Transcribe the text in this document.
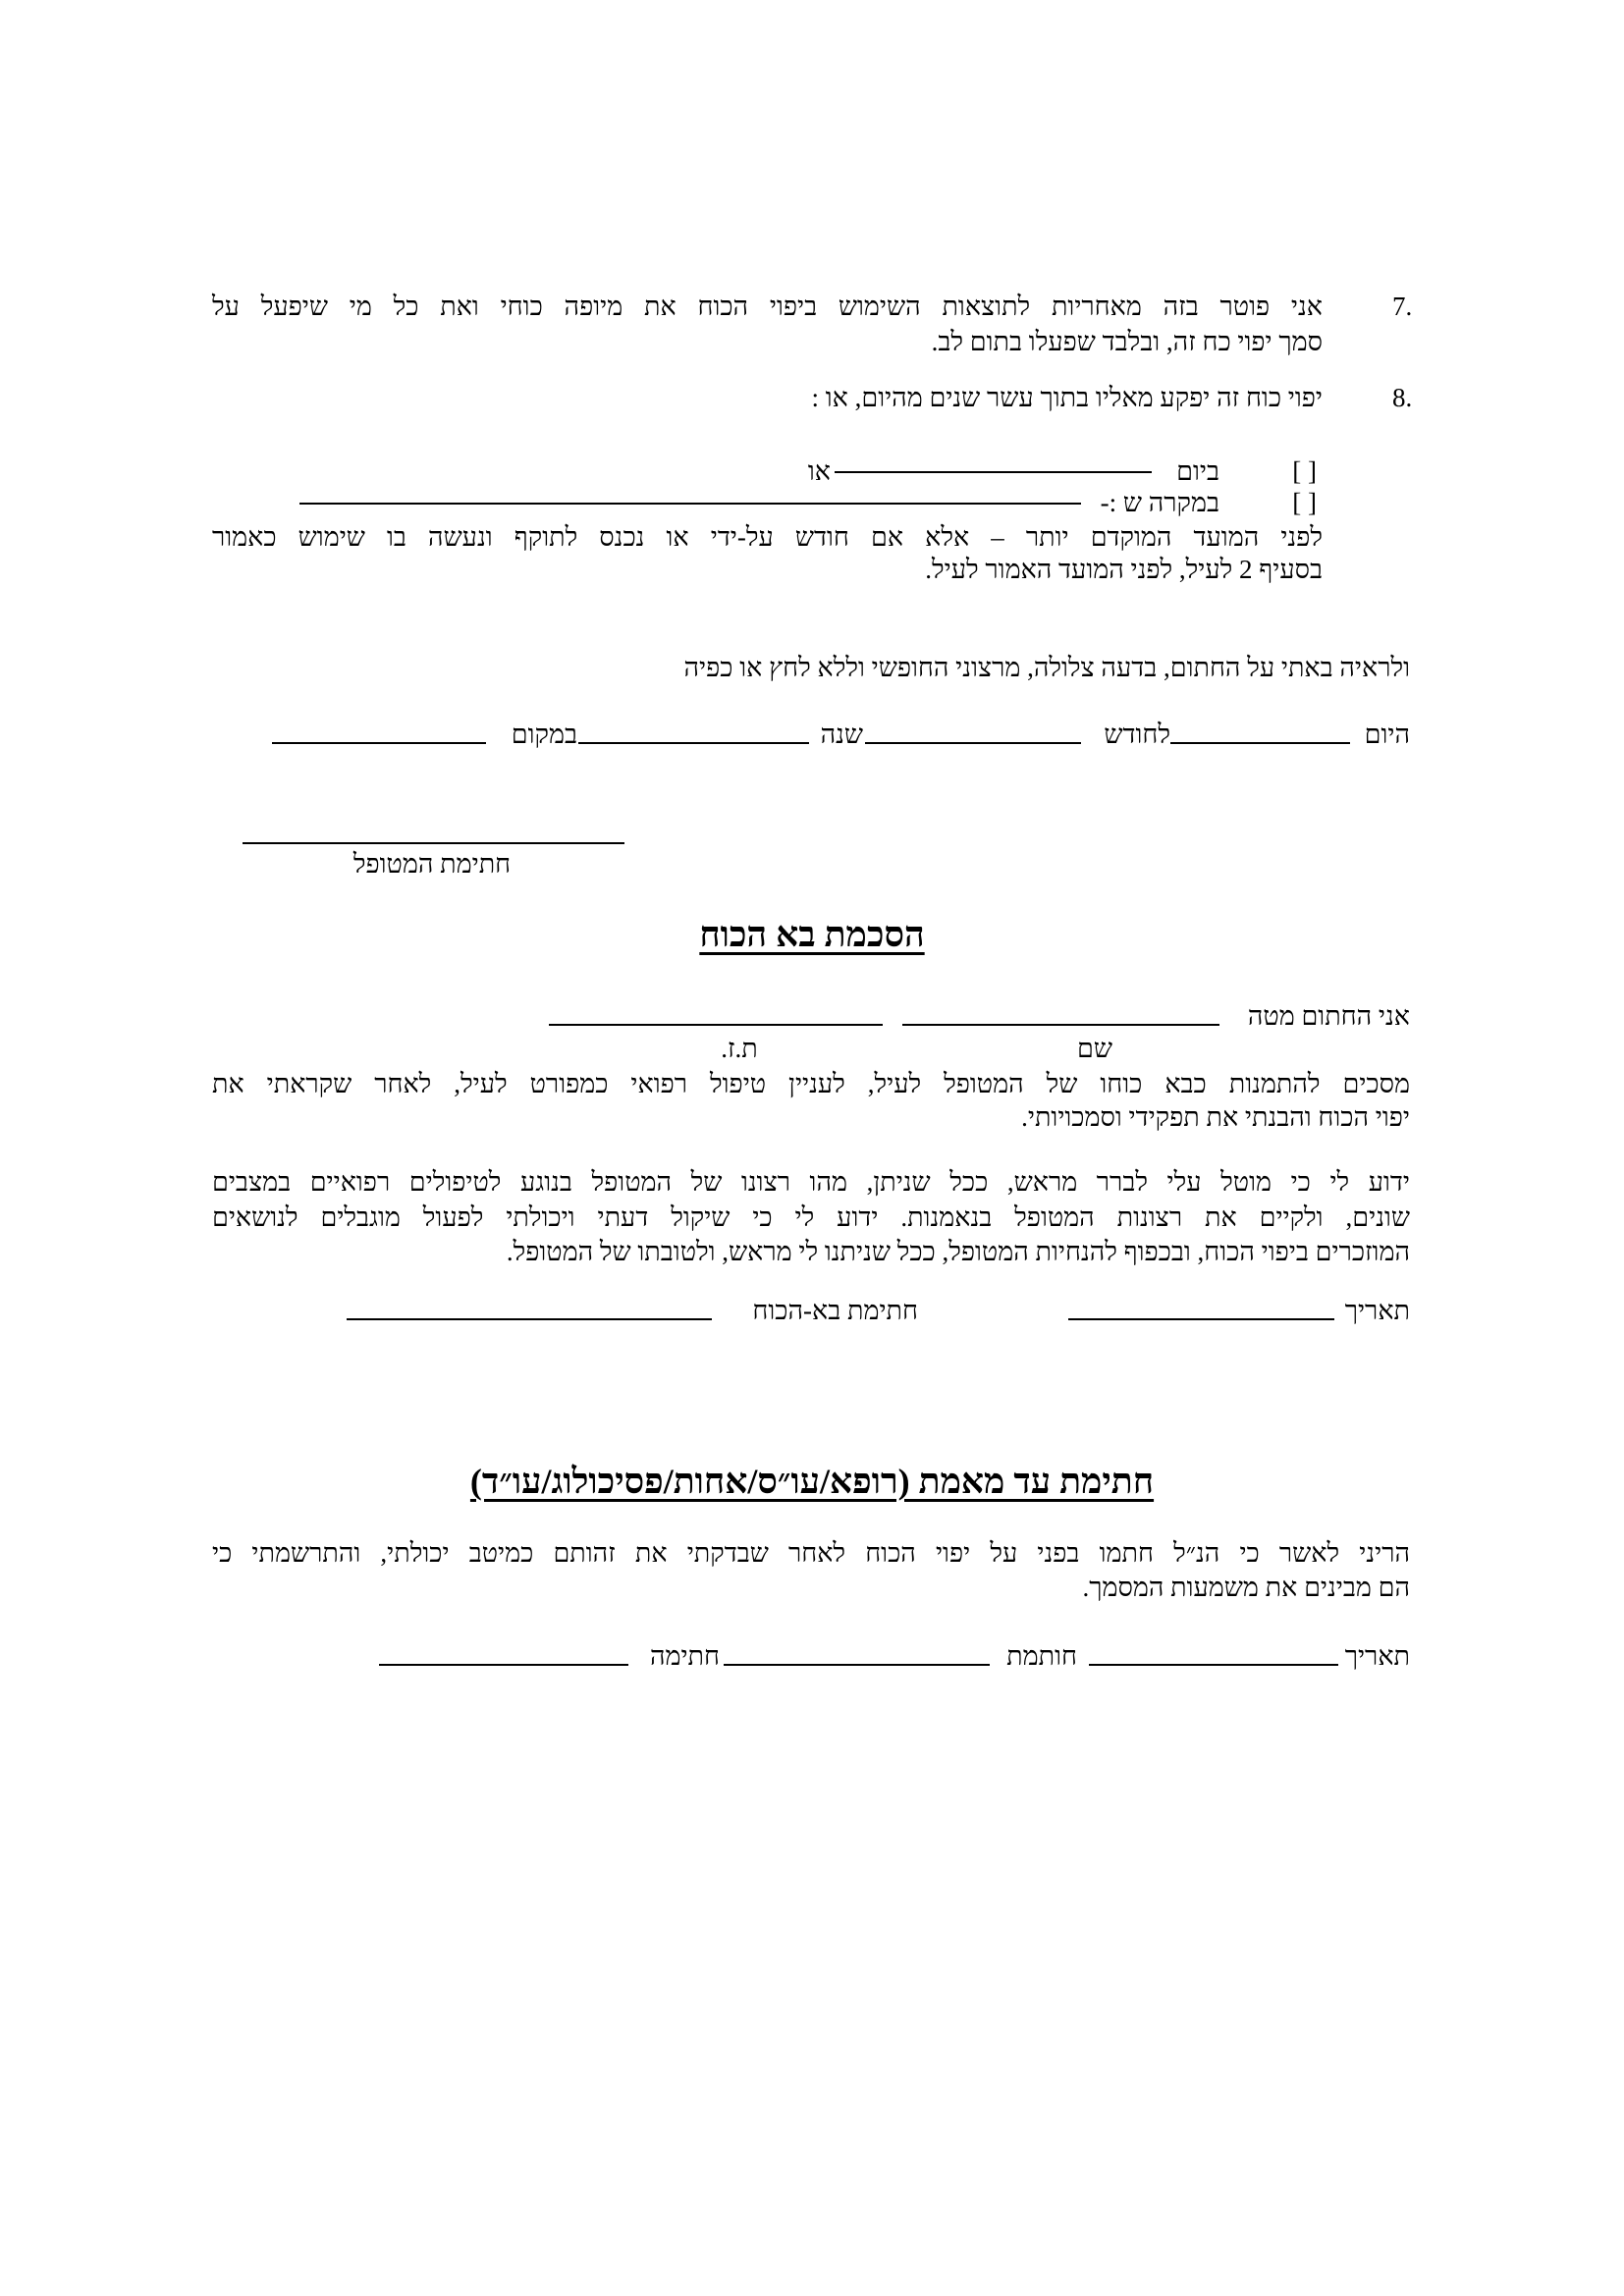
7.
אני פוטר בזה מאחריות לתוצאות השימוש ביפוי הכוח את מיופה כוחי ואת כל מי שיפעל על
סמך יפוי כח זה, ובלבד שפעלו בתום לב.
8.
יפוי כוח זה יפקע מאליו בתוך עשר שנים מהיום, או :
[ ]
ביום
או
[ ]
במקרה ש :-
לפני המועד המוקדם יותר – אלא אם חודש על-ידי או נכנס לתוקף ונעשה בו שימוש כאמור
בסעיף 2 לעיל, לפני המועד האמור לעיל.
ולראיה באתי על החתום, בדעה צלולה, מרצוני החופשי וללא לחץ או כפיה
היום
לחודש
שנה
במקום
חתימת המטופל
הסכמת בא הכוח
אני החתום מטה
שם
ת.ז.
מסכים להתמנות כבא כוחו של המטופל לעיל, לעניין טיפול רפואי כמפורט לעיל, לאחר שקראתי את
יפוי הכוח והבנתי את תפקידי וסמכויותי.
ידוע לי כי מוטל עלי לברר מראש, ככל שניתן, מהו רצונו של המטופל בנוגע לטיפולים רפואיים במצבים
שונים, ולקיים את רצונות המטופל בנאמנות. ידוע לי כי שיקול דעתי ויכולתי לפעול מוגבלים לנושאים
המוזכרים ביפוי הכוח, ובכפוף להנחיות המטופל, ככל שניתנו לי מראש, ולטובתו של המטופל.
תאריך
חתימת בא-הכוח
חתימת עד מאמת (רופא/עו״ס/אחות/פסיכולוג/עו״ד)
הריני לאשר כי הנ״ל חתמו בפני על יפוי הכוח לאחר שבדקתי את זהותם כמיטב יכולתי, והתרשמתי כי
הם מבינים את משמעות המסמך.
תאריך
חותמת
חתימה
